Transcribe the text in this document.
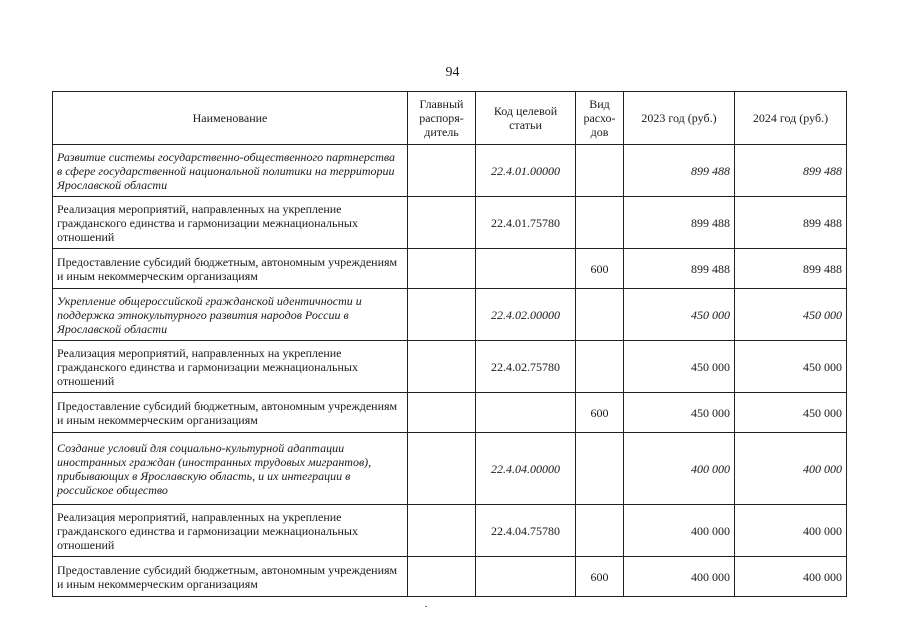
94
Наименование	Главный распоря-дитель	Код целевой статьи	Вид расхо-дов	2023 год (руб.)	2024 год (руб.)
Развитие системы государственно-общественного партнерства в сфере государственной национальной политики на территории Ярославской области		22.4.01.00000		899 488	899 488
Реализация мероприятий, направленных на укрепление гражданского единства и гармонизации межнациональных отношений		22.4.01.75780		899 488	899 488
Предоставление субсидий бюджетным, автономным учреждениям и иным некоммерческим организациям			600	899 488	899 488
Укрепление общероссийской гражданской идентичности и поддержка этнокультурного развития народов России в Ярославской области		22.4.02.00000		450 000	450 000
Реализация мероприятий, направленных на укрепление гражданского единства и гармонизации межнациональных отношений		22.4.02.75780		450 000	450 000
Предоставление субсидий бюджетным, автономным учреждениям и иным некоммерческим организациям			600	450 000	450 000
Создание условий для социально-культурной адаптации иностранных граждан (иностранных трудовых мигрантов), прибывающих в Ярославскую область, и их интеграции в российское общество		22.4.04.00000		400 000	400 000
Реализация мероприятий, направленных на укрепление гражданского единства и гармонизации межнациональных отношений		22.4.04.75780		400 000	400 000
Предоставление субсидий бюджетным, автономным учреждениям и иным некоммерческим организациям			600	400 000	400 000
